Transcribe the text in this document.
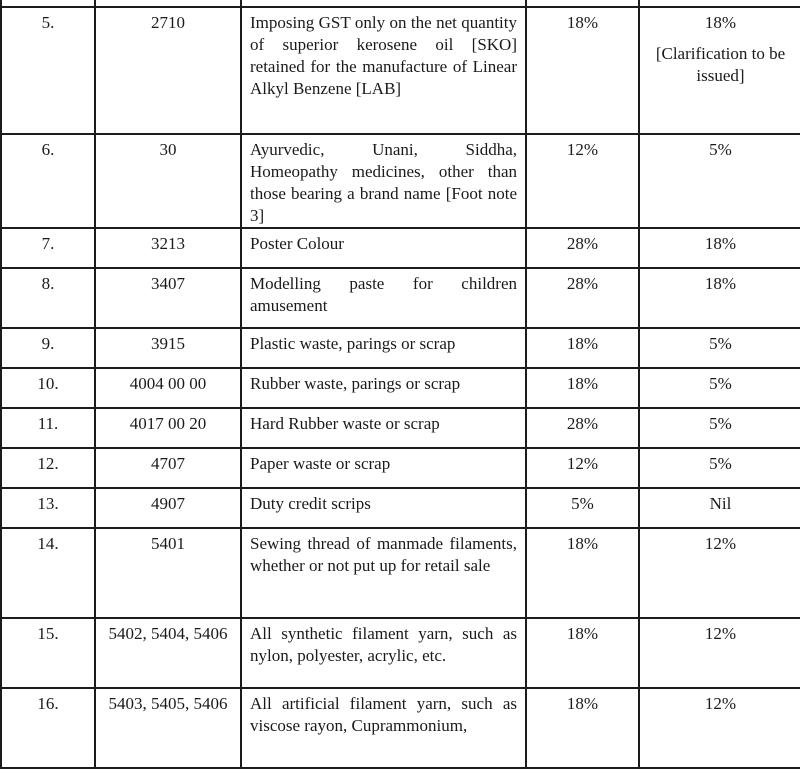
5.	2710	Imposing GST only on the net quantity of superior kerosene oil [SKO] retained for the manufacture of Linear Alkyl Benzene [LAB]	18%	18%
[Clarification to be issued]

6.	30	Ayurvedic, Unani, Siddha, Homeopathy medicines, other than those bearing a brand name [Foot note 3]	12%	5%
7.	3213	Poster Colour	28%	18%
8.	3407	Modelling paste for children amusement	28%	18%
9.	3915	Plastic waste, parings or scrap	18%	5%
10.	4004 00 00	Rubber waste, parings or scrap	18%	5%
11.	4017 00 20	Hard Rubber waste or scrap	28%	5%
12.	4707	Paper waste or scrap	12%	5%
13.	4907	Duty credit scrips	5%	Nil
14.	5401	Sewing thread of manmade filaments, whether or not put up for retail sale	18%	12%
15.	5402, 5404, 5406	All synthetic filament yarn, such as nylon, polyester, acrylic, etc.	18%	12%
16.	5403, 5405, 5406	All artificial filament yarn, such as viscose rayon, Cuprammonium,	18%	12%
